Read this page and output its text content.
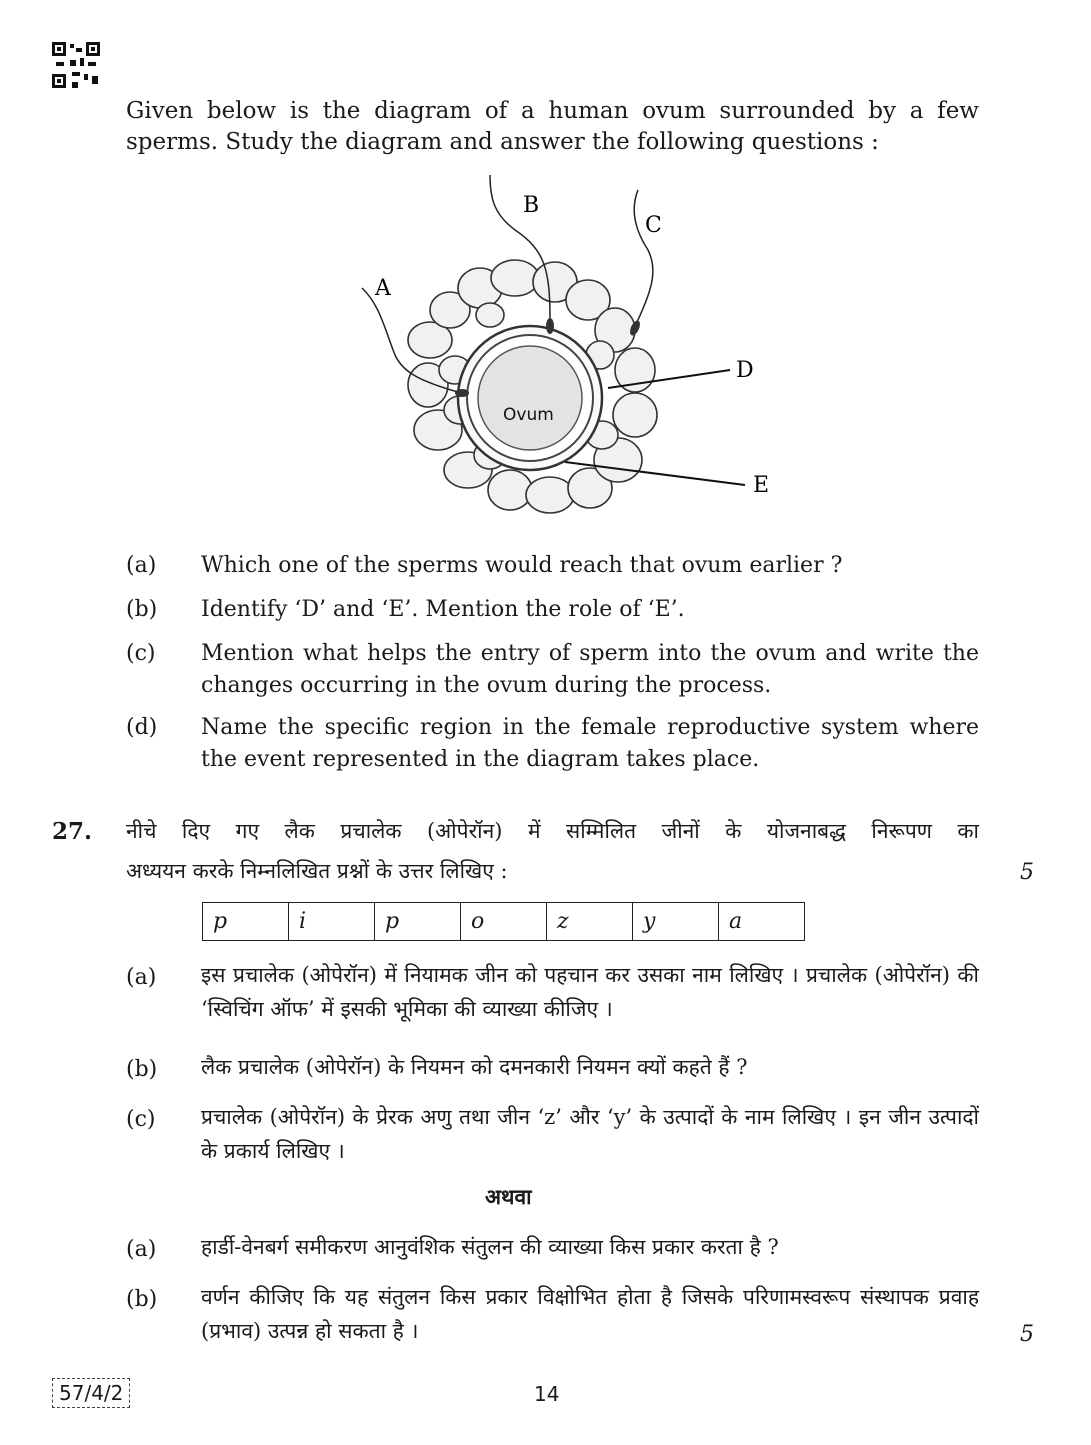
Given below is the diagram of a human ovum surrounded by a few sperms. Study the diagram and answer the following questions :
Ovum
A
B
C
D
E
(a) Which one of the sperms would reach that ovum earlier ?
(b) Identify ‘D’ and ‘E’. Mention the role of ‘E’.
(c) Mention what helps the entry of sperm into the ovum and write the changes occurring in the ovum during the process.
(d) Name the specific region in the female reproductive system where the event represented in the diagram takes place.
27. नीचे दिए गए लैक प्रचालेक (ओपेरॉन) में सम्मिलित जीनों के योजनाबद्ध निरूपण का
अध्ययन करके निम्नलिखित प्रश्नों के उत्तर लिखिए :	5
p	i	p	o	z	y	a
(a) इस प्रचालेक (ओपेरॉन) में नियामक जीन को पहचान कर उसका नाम लिखिए । प्रचालेक (ओपेरॉन) की ‘स्विचिंग ऑफ’ में इसकी भूमिका की व्याख्या कीजिए ।
(b) लैक प्रचालेक (ओपेरॉन) के नियमन को दमनकारी नियमन क्यों कहते हैं ?
(c) प्रचालेक (ओपेरॉन) के प्रेरक अणु तथा जीन ‘z’ और ‘y’ के उत्पादों के नाम लिखिए । इन जीन उत्पादों के प्रकार्य लिखिए ।
अथवा
(a) हार्डी-वेनबर्ग समीकरण आनुवंशिक संतुलन की व्याख्या किस प्रकार करता है ?
(b) वर्णन कीजिए कि यह संतुलन किस प्रकार विक्षोभित होता है जिसके परिणामस्वरूप संस्थापक प्रवाह (प्रभाव) उत्पन्न हो सकता है ।	5
57/4/2	14
